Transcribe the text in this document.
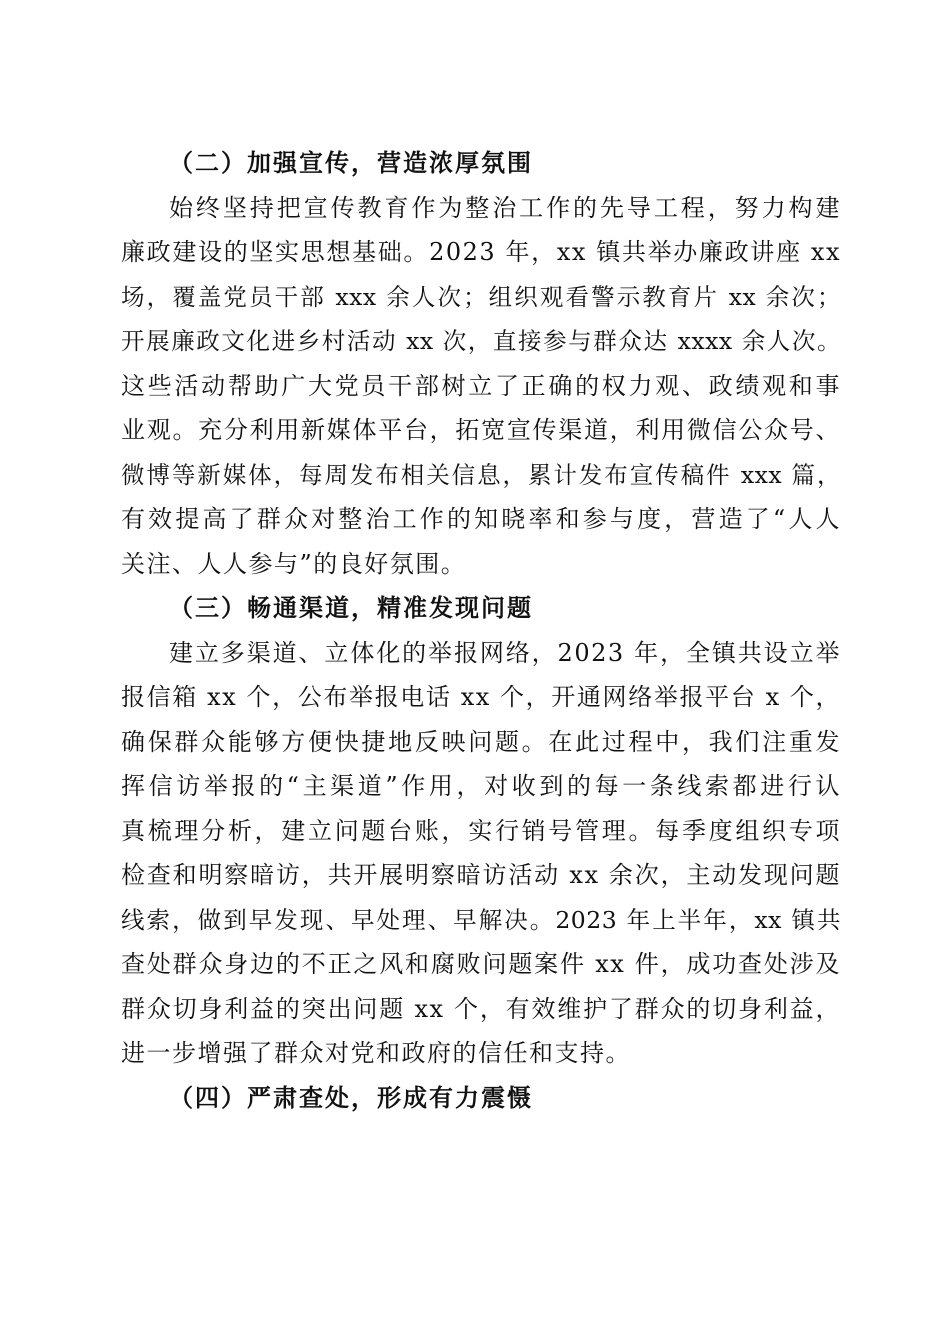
（二）加强宣传，营造浓厚氛围
始终坚持把宣传教育作为整治工作的先导工程，努力构建
廉政建设的坚实思想基础。2023 年，xx 镇共举办廉政讲座 xx
场，覆盖党员干部 xxx 余人次；组织观看警示教育片 xx 余次；
开展廉政文化进乡村活动 xx 次，直接参与群众达 xxxx 余人次。
这些活动帮助广大党员干部树立了正确的权力观、政绩观和事
业观。充分利用新媒体平台，拓宽宣传渠道，利用微信公众号、
微博等新媒体，每周发布相关信息，累计发布宣传稿件 xxx 篇，
有效提高了群众对整治工作的知晓率和参与度，营造了“人人
关注、人人参与”的良好氛围。
（三）畅通渠道，精准发现问题
建立多渠道、立体化的举报网络，2023 年，全镇共设立举
报信箱 xx 个，公布举报电话 xx 个，开通网络举报平台 x 个，
确保群众能够方便快捷地反映问题。在此过程中，我们注重发
挥信访举报的“主渠道”作用，对收到的每一条线索都进行认
真梳理分析，建立问题台账，实行销号管理。每季度组织专项
检查和明察暗访，共开展明察暗访活动 xx 余次，主动发现问题
线索，做到早发现、早处理、早解决。2023 年上半年，xx 镇共
查处群众身边的不正之风和腐败问题案件 xx 件，成功查处涉及
群众切身利益的突出问题 xx 个，有效维护了群众的切身利益，
进一步增强了群众对党和政府的信任和支持。
（四）严肃查处，形成有力震慑
